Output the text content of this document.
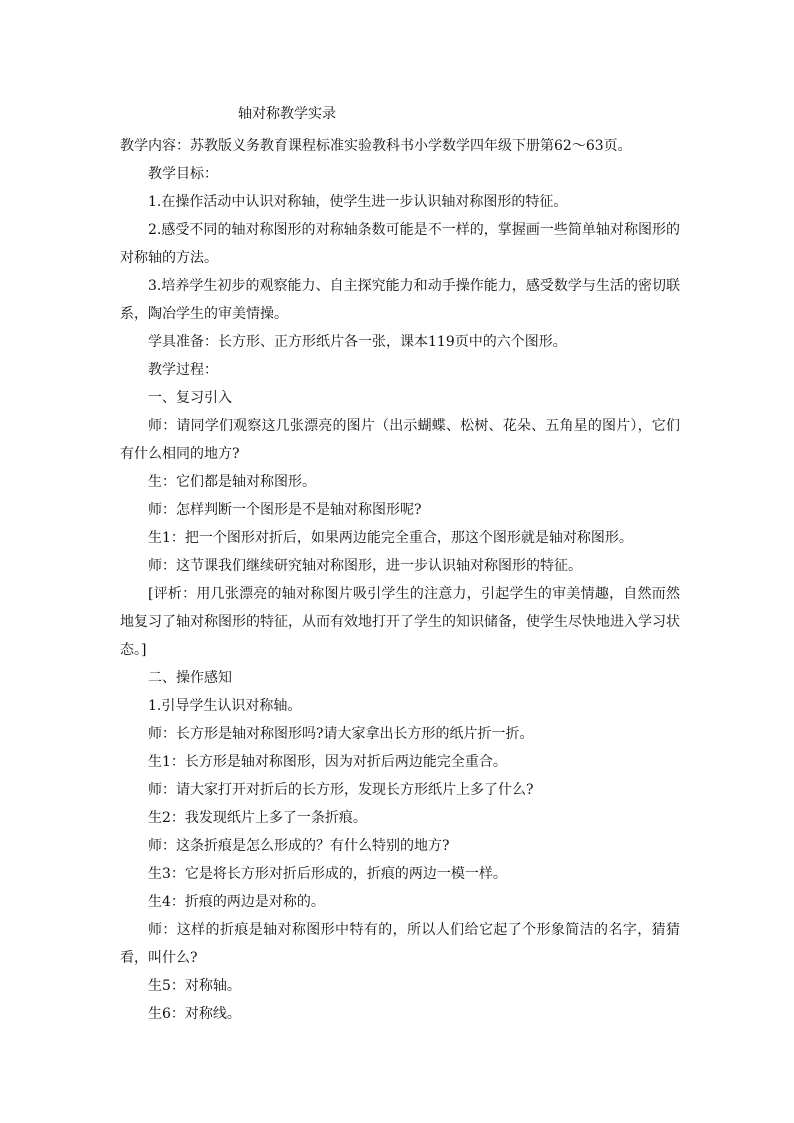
轴对称教学实录

教学内容：苏教版义务教育课程标准实验教科书小学数学四年级下册第62～63页。

教学目标：

1.在操作活动中认识对称轴，使学生进一步认识轴对称图形的特征。

2.感受不同的轴对称图形的对称轴条数可能是不一样的，掌握画一些简单轴对称图形的对称轴的方法。

3.培养学生初步的观察能力、自主探究能力和动手操作能力，感受数学与生活的密切联系，陶冶学生的审美情操。

学具准备：长方形、正方形纸片各一张，课本119页中的六个图形。

教学过程：

一、复习引入

师：请同学们观察这几张漂亮的图片（出示蝴蝶、松树、花朵、五角星的图片），它们有什么相同的地方?

生：它们都是轴对称图形。

师：怎样判断一个图形是不是轴对称图形呢?

生1：把一个图形对折后，如果两边能完全重合，那这个图形就是轴对称图形。

师：这节课我们继续研究轴对称图形，进一步认识轴对称图形的特征。

[评析：用几张漂亮的轴对称图片吸引学生的注意力，引起学生的审美情趣，自然而然地复习了轴对称图形的特征，从而有效地打开了学生的知识储备，使学生尽快地进入学习状态。]

二、操作感知

1.引导学生认识对称轴。

师：长方形是轴对称图形吗?请大家拿出长方形的纸片折一折。

生1：长方形是轴对称图形，因为对折后两边能完全重合。

师：请大家打开对折后的长方形，发现长方形纸片上多了什么?

生2：我发现纸片上多了一条折痕。

师：这条折痕是怎么形成的？有什么特别的地方?

生3：它是将长方形对折后形成的，折痕的两边一模一样。

生4：折痕的两边是对称的。

师：这样的折痕是轴对称图形中特有的，所以人们给它起了个形象简洁的名字，猜猜看，叫什么?

生5：对称轴。

生6：对称线。
